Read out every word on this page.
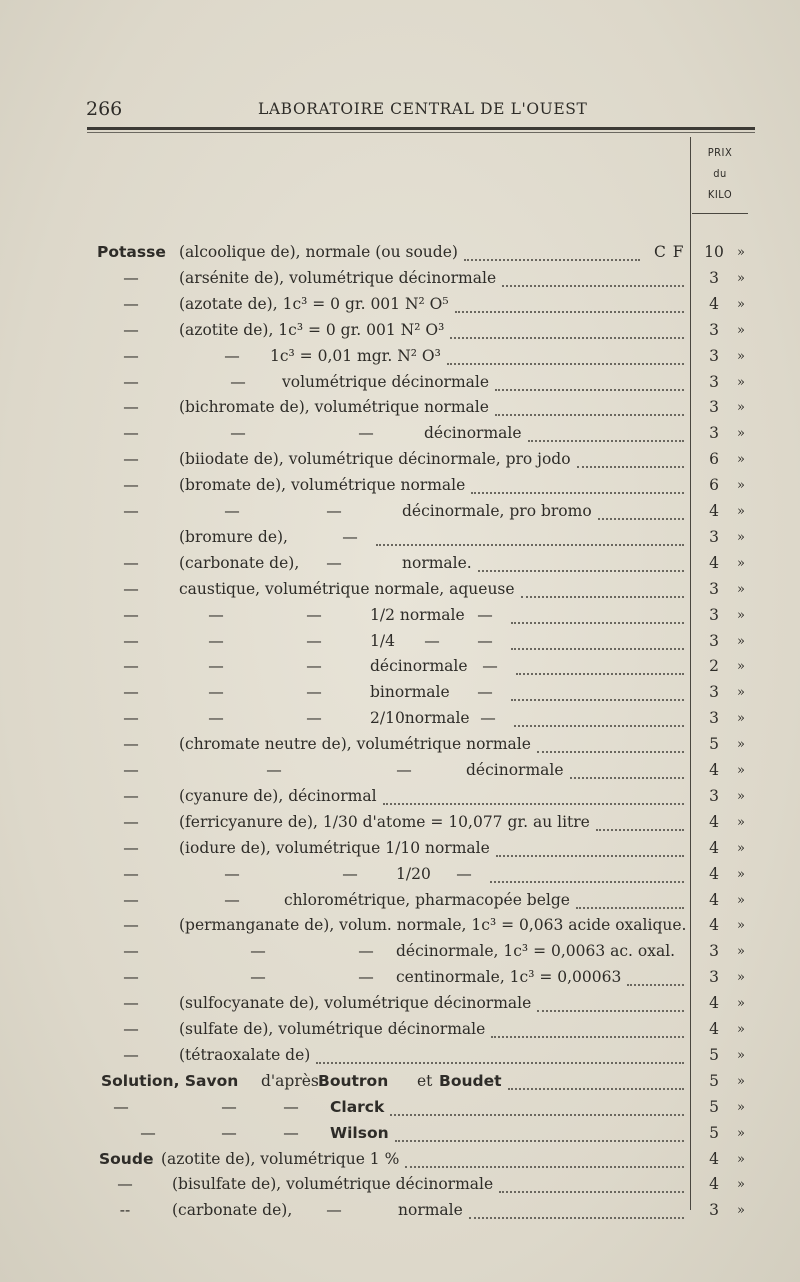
266	LABORATOIRE CENTRAL DE L'OUEST
PRIX
du
KILO
Potasse (alcoolique de), normale (ou soude)	C F 10 »
—	(arsénite de), volumétrique décinormale	3	»
—	(azotate de), 1c³ = 0 gr. 001 N² O⁵	4	»
—	(azotite de), 1c³ = 0 gr. 001 N² O³	3	»
—	—	1c³ = 0,01 mgr. N² O³	3	»
—	—	volumétrique décinormale	3	»
—	(bichromate de), volumétrique normale	3	»
—	—	—	décinormale	3	»
—	(biiodate de), volumétrique décinormale, pro jodo	6	»
—	(bromate de), volumétrique normale	6	»
—	—	—	décinormale, pro bromo	4	»
(bromure de),	—	3	»
—	(carbonate de),	—	normale.	4	»
—	caustique, volumétrique normale, aqueuse	3	»
—	—	—	1/2 normale —	3	»
—	—	—	1/4	—	—	3	»
—	—	—	décinormale —	2	»
—	—	—	binormale	—	3	»
—	—	—	2/10normale —	3	»
—	(chromate neutre de), volumétrique normale	5	»
—	—	—	décinormale	4	»
—	(cyanure de), décinormal	3	»
—	(ferricyanure de), 1/30 d'atome = 10,077 gr. au litre	4	»
—	(iodure de), volumétrique 1/10 normale	4	»
—	—	—	1/20	—	4	»
—	—	chlorométrique, pharmacopée belge	4	»
—	(permanganate de), volum. normale, 1c³ = 0,063 acide oxalique.	4	»
—	—	—	décinormale, 1c³ = 0,0063 ac. oxal.	3	»
—	—	—	centinormale, 1c³ = 0,00063	3	»
—	(sulfocyanate de), volumétrique décinormale	4	»
—	(sulfate de), volumétrique décinormale	4	»
—	(tétraoxalate de)	5	»
Solution, Savon d'après Boutron et Boudet	5	»
—	—	—	Clarck	5	»
—	—	—	Wilson	5	»
Soude (azotite de), volumétrique 1 %	4	»
—	(bisulfate de), volumétrique décinormale	4	»
--	(carbonate de),	—	normale	3	»
